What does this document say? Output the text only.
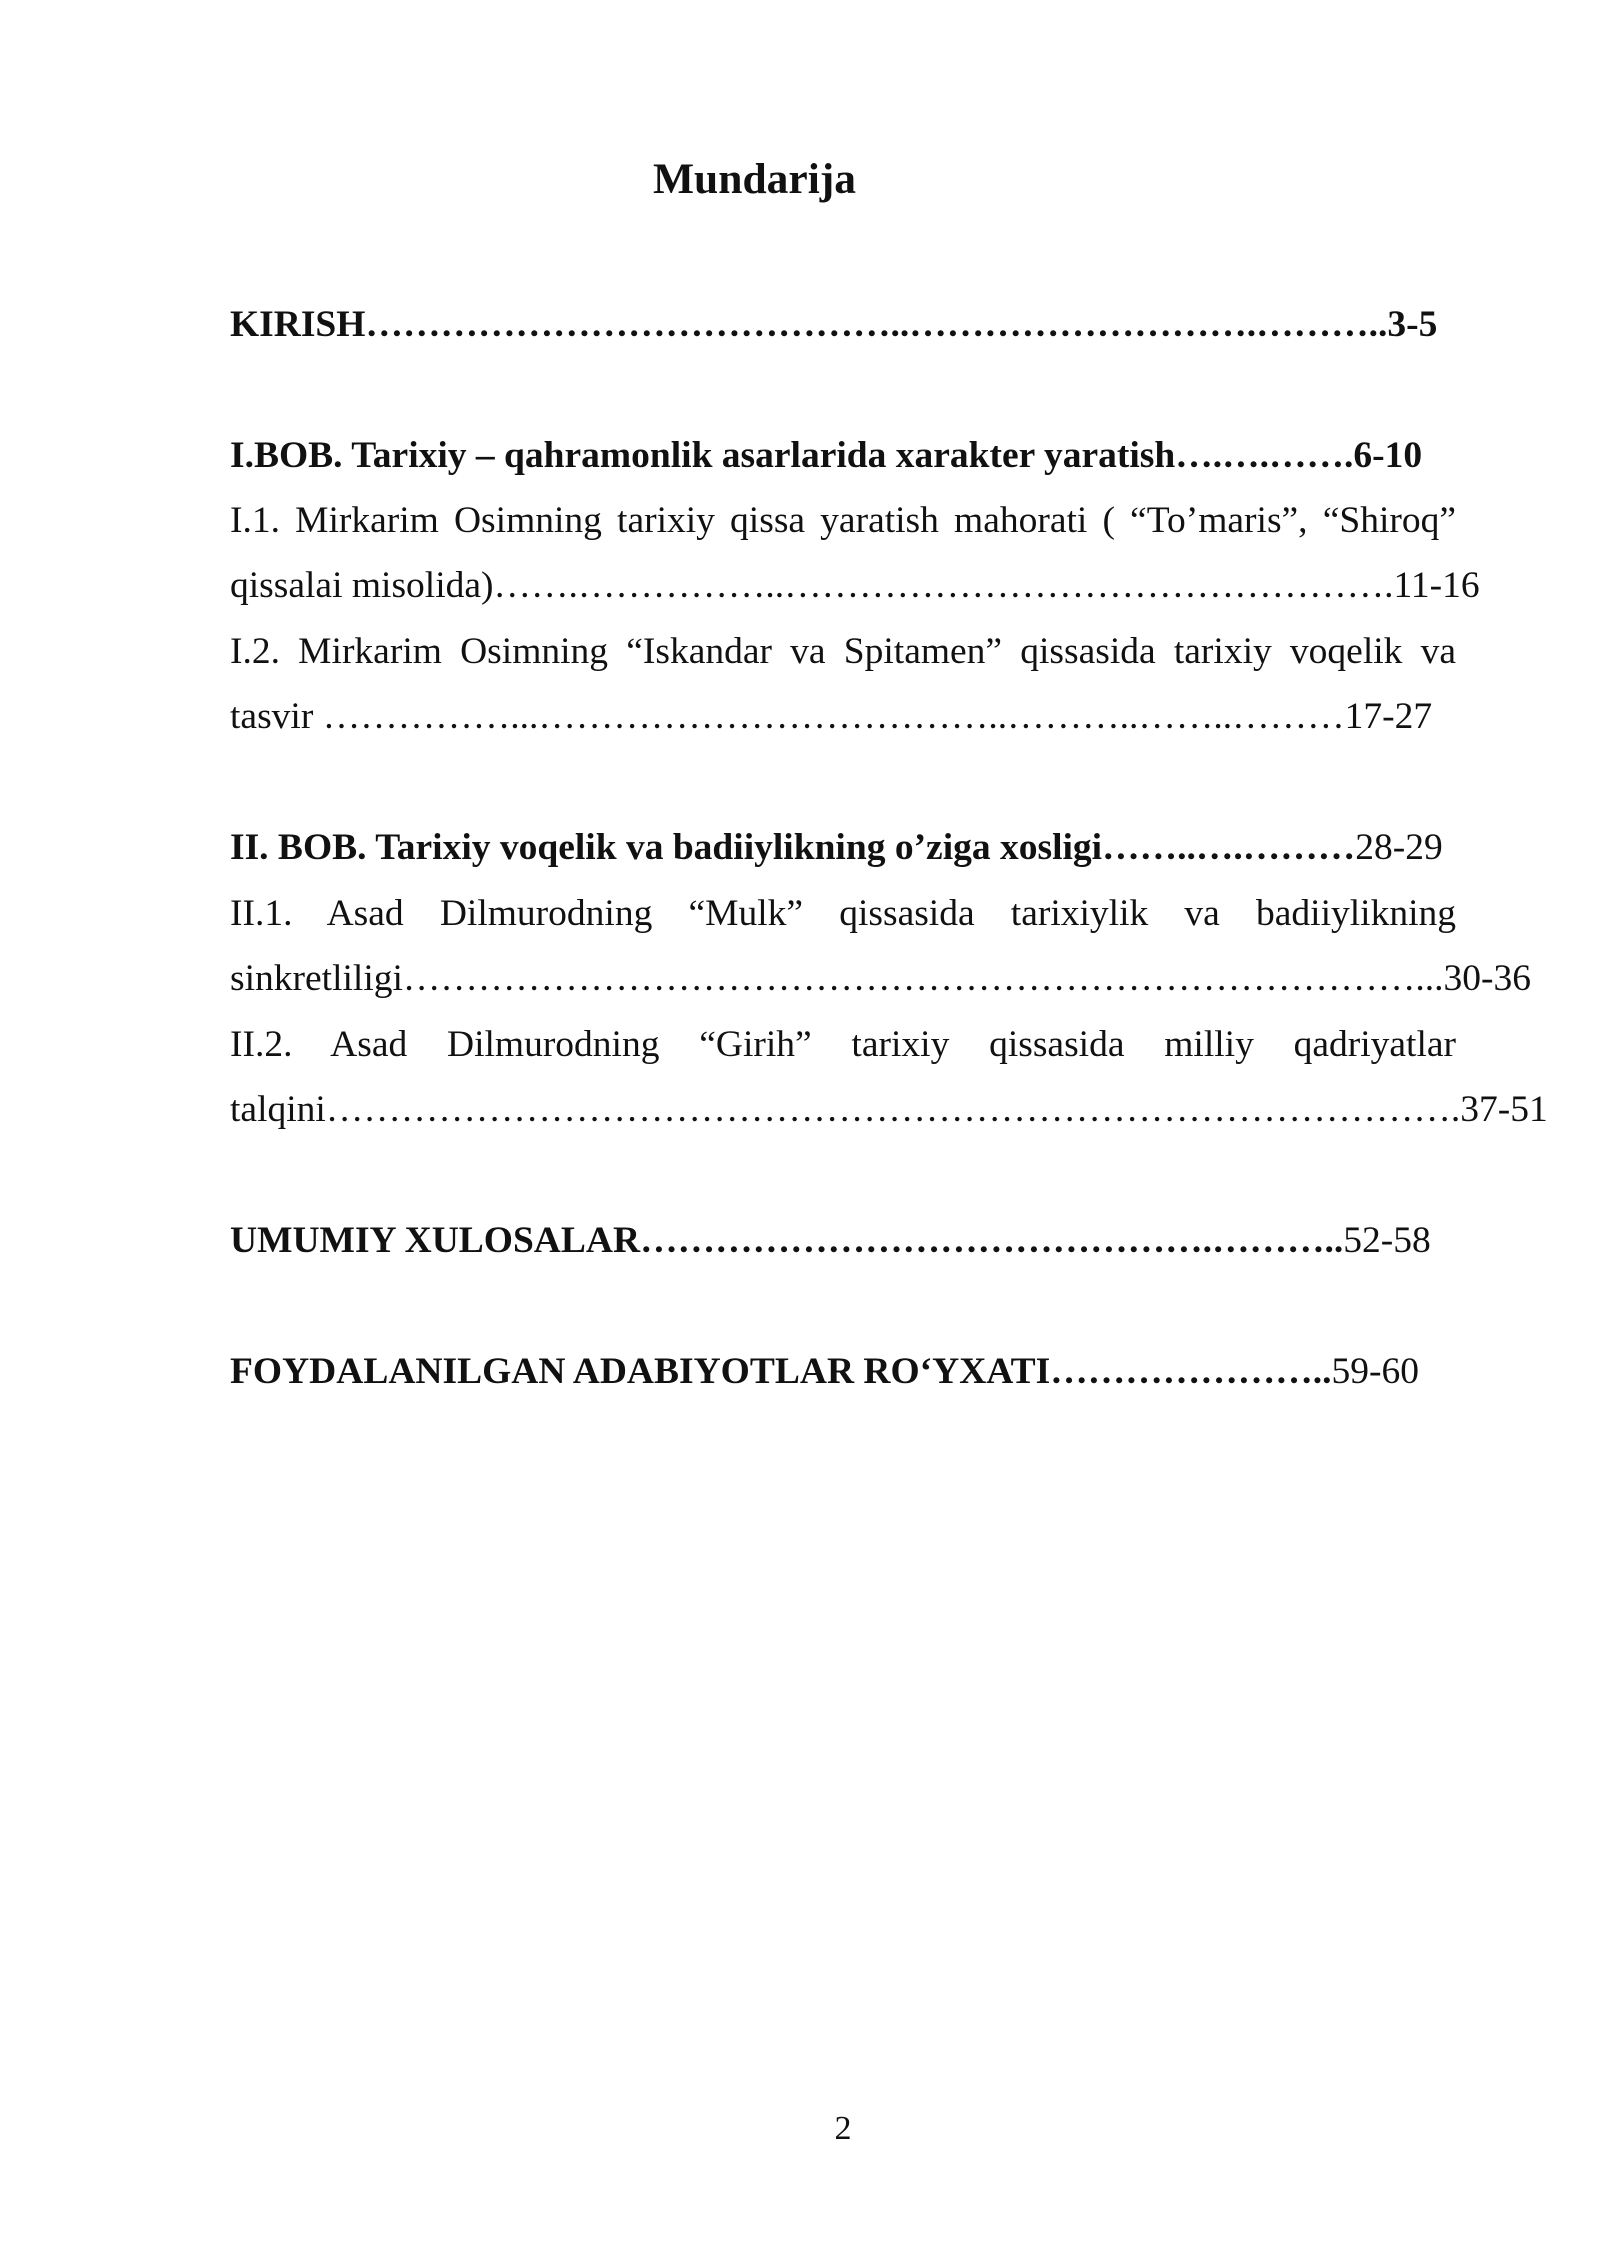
Mundarija
KIRISH……………………………………..……………………….………..3-5
I.BOB. Tarixiy – qahramonlik asarlarida xarakter yaratish….….…….6-10
I.1. Mirkarim Osimning tarixiy qissa yaratish mahorati ( “To’maris”, “Shiroq”
qissalai misolida)…….……………..………………………………………….11-16
I.2. Mirkarim Osimning “Iskandar va Spitamen” qissasida tarixiy voqelik va
tasvir ……………...………………………………..………..……..………17-27
II. BOB. Tarixiy voqelik va badiiylikning o’ziga xosligi……..….………28-29
II.1. Asad Dilmurodning “Mulk” qissasida tarixiylik va badiiylikning
sinkretliligi………………………………………………………………………...30-36
II.2. Asad Dilmurodning “Girih” tarixiy qissasida milliy qadriyatlar
talqini……………………………………………………………………………….37-51
UMUMIY XULOSALAR……………………………………….………..52-58
FOYDALANILGAN ADABIYOTLAR RO‘YXATI…………………..59-60
2
